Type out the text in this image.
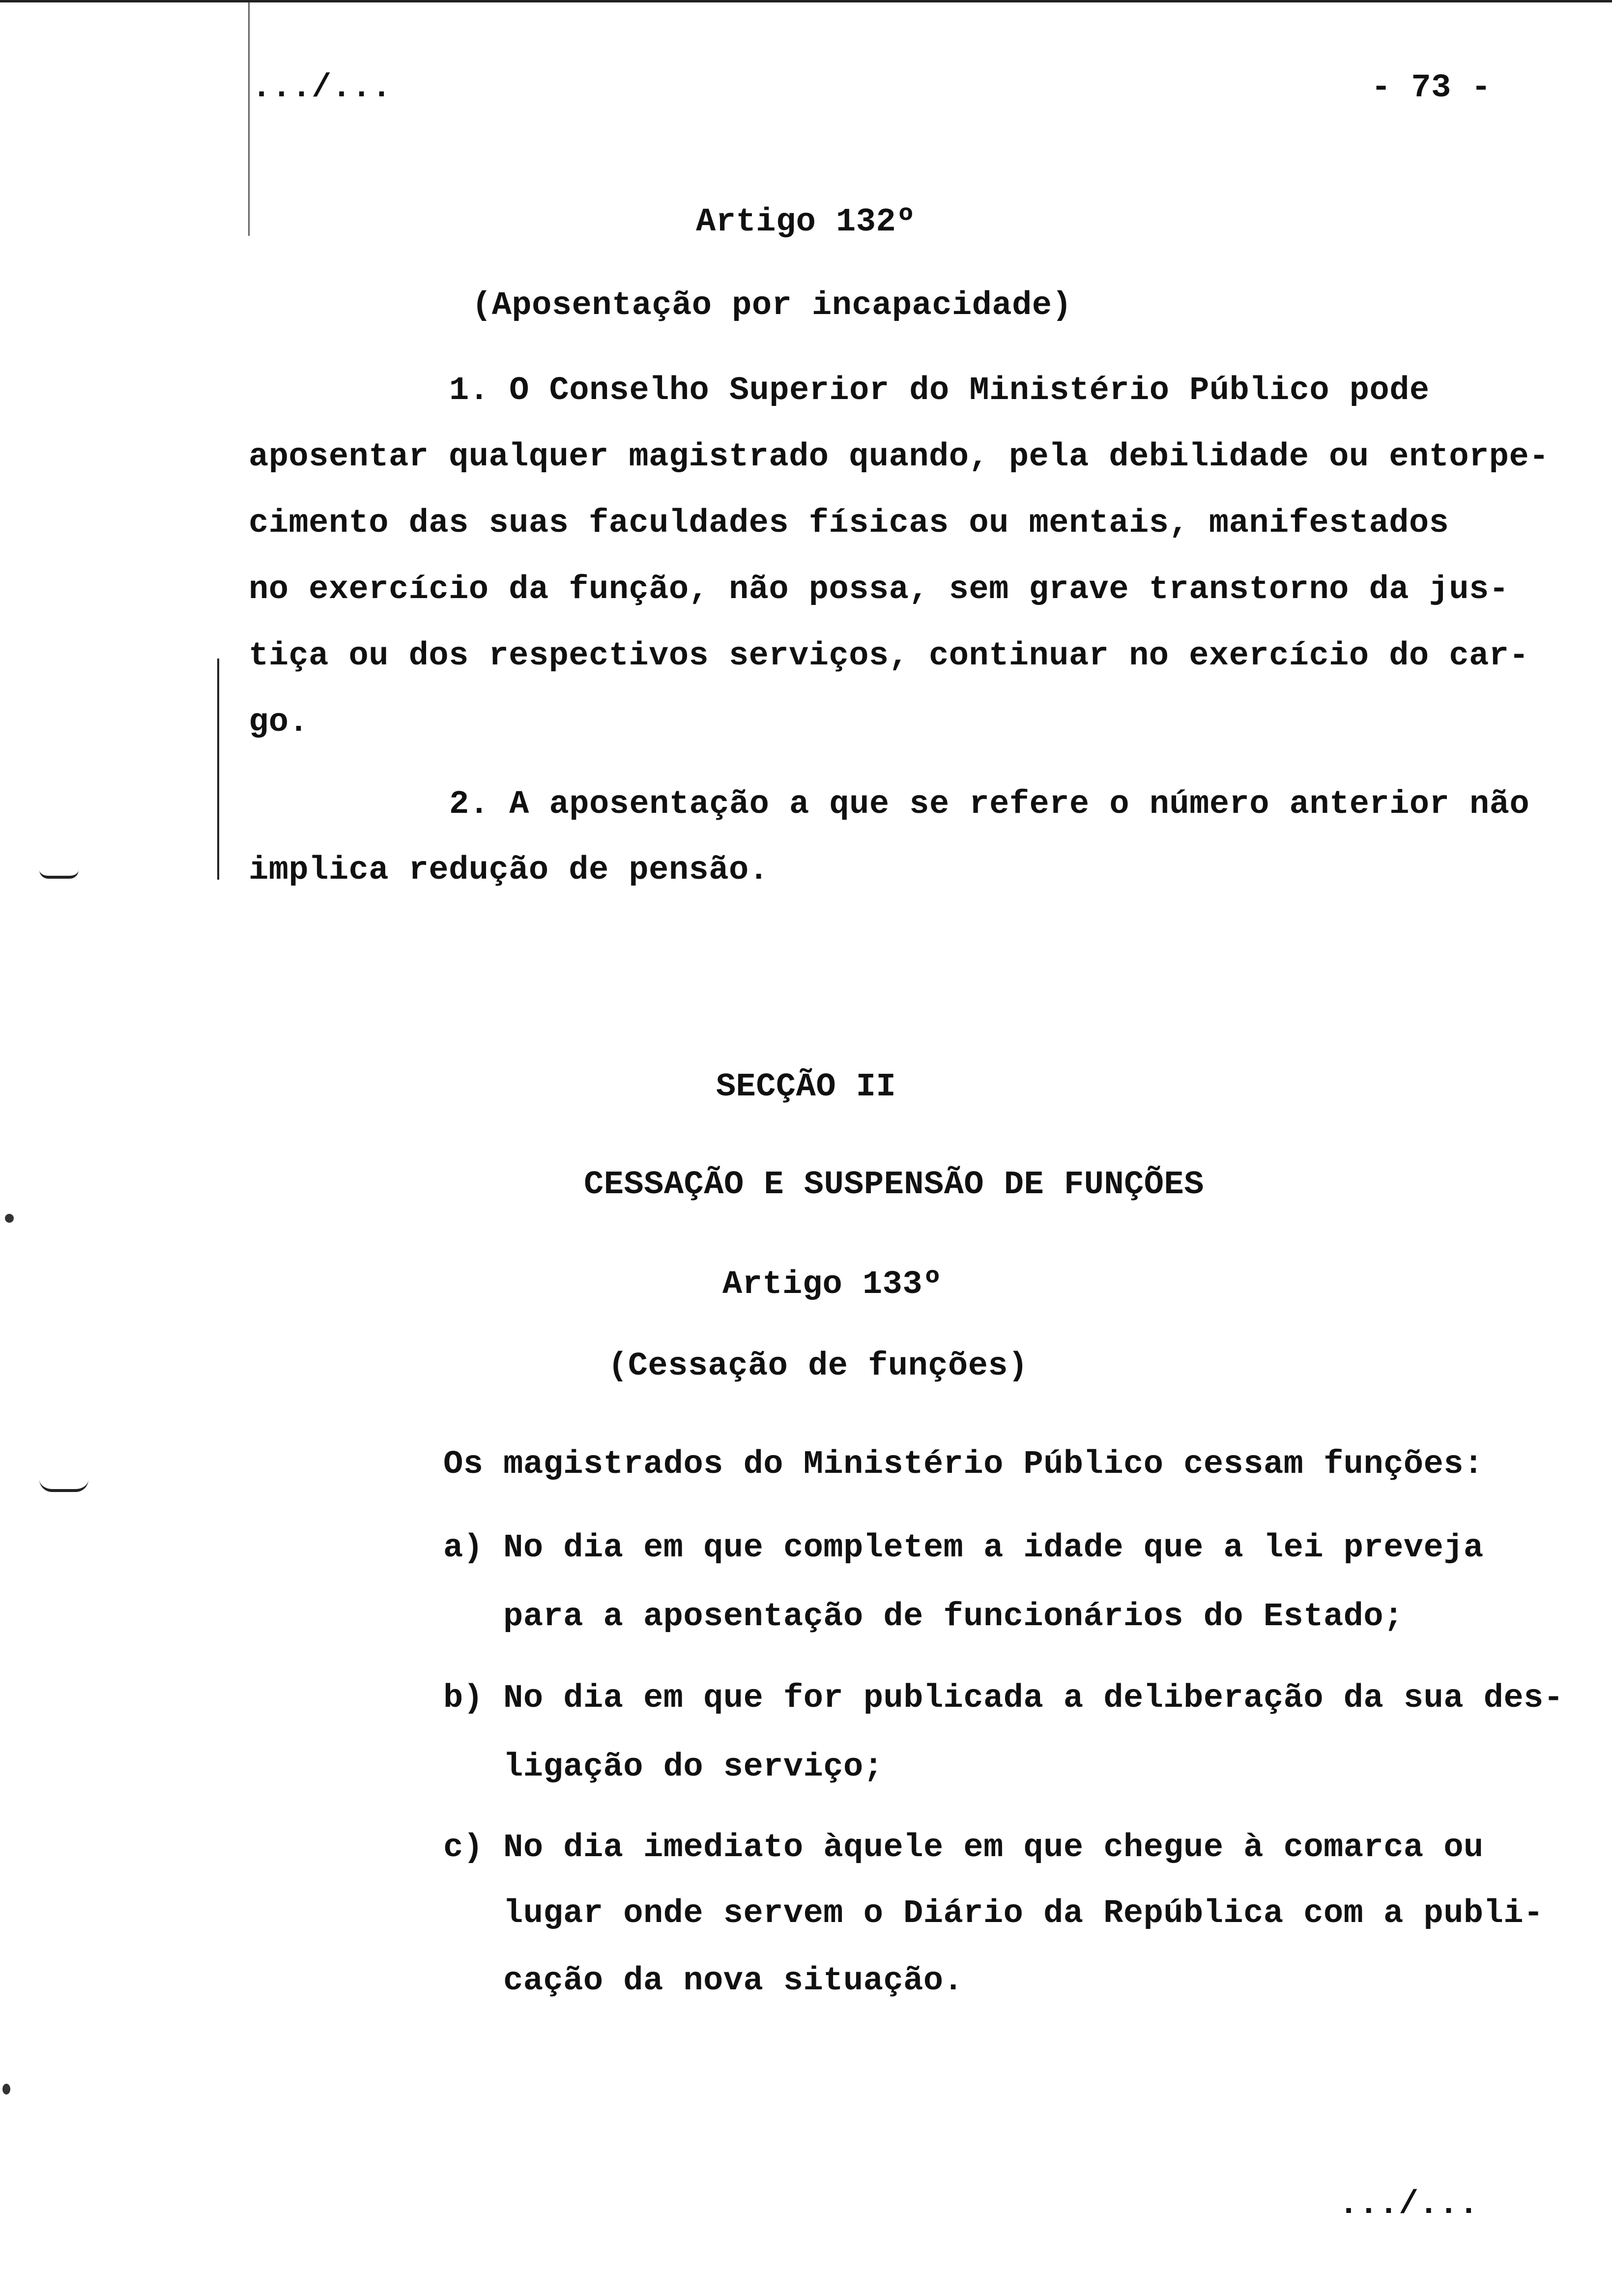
.../...	- 73 -
Artigo 132º
(Aposentação por incapacidade)
1. O Conselho Superior do Ministério Público pode
aposentar qualquer magistrado quando, pela debilidade ou entorpe-
cimento das suas faculdades físicas ou mentais, manifestados
no exercício da função, não possa, sem grave transtorno da jus-
tiça ou dos respectivos serviços, continuar no exercício do car-
go.
2. A aposentação a que se refere o número anterior não
implica redução de pensão.
SECÇÃO II
CESSAÇÃO E SUSPENSÃO DE FUNÇÕES
Artigo 133º
(Cessação de funções)
Os magistrados do Ministério Público cessam funções:
a) No dia em que completem a idade que a lei preveja
para a aposentação de funcionários do Estado;
b) No dia em que for publicada a deliberação da sua des-
ligação do serviço;
c) No dia imediato àquele em que chegue à comarca ou
lugar onde servem o Diário da República com a publi-
cação da nova situação.
.../...
